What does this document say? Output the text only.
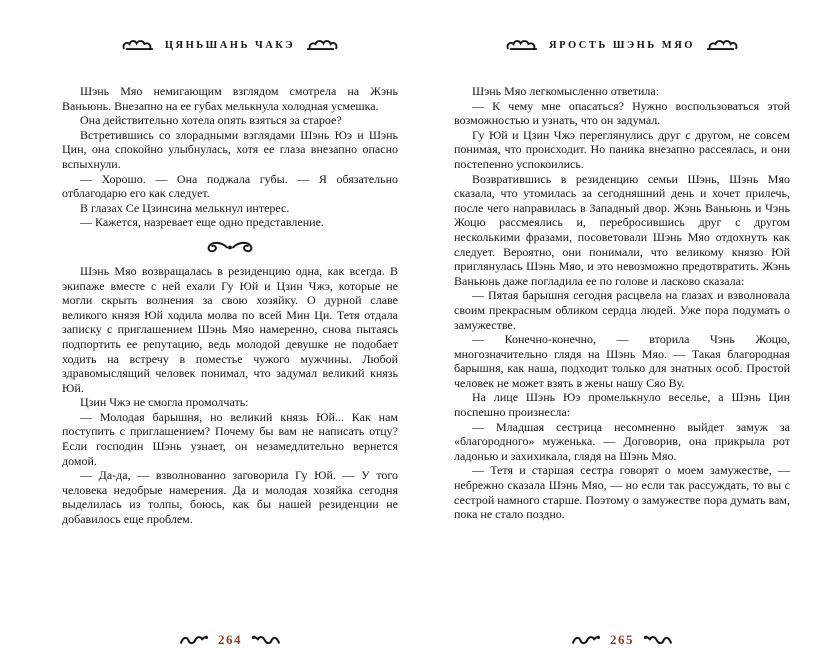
ЦЯНЬШАНЬ ЧАКЭ

Шэнь Мяо немигающим взглядом смотрела на Жэнь Ваньюнь. Внезапно на ее губах мелькнула холодная усмешка.

Она действительно хотела опять взяться за старое?

Встретившись со злорадными взглядами Шэнь Юэ и Шэнь Цин, она спокойно улыбнулась, хотя ее глаза внезапно опасно вспыхнули.

— Хорошо. — Она поджала губы. — Я обязательно отблагодарю его как следует.

В глазах Се Цзинсина мелькнул интерес.

— Кажется, назревает еще одно представление.

Шэнь Мяо возвращалась в резиденцию одна, как всегда. В экипаже вместе с ней ехали Гу Юй и Цзин Чжэ, которые не могли скрыть волнения за свою хозяйку. О дурной славе великого князя Юй ходила молва по всей Мин Ци. Тетя отдала записку с приглашением Шэнь Мяо намеренно, снова пытаясь подпортить ее репутацию, ведь молодой девушке не подобает ходить на встречу в поместье чужого мужчины. Любой здравомыслящий человек понимал, что задумал великий князь Юй.

Цзин Чжэ не смогла промолчать:

— Молодая барышня, но великий князь Юй... Как нам поступить с приглашением? Почему бы вам не написать отцу? Если господин Шэнь узнает, он незамедлительно вернется домой.

— Да-да, — взволнованно заговорила Гу Юй. — У того человека недобрые намерения. Да и молодая хозяйка сегодня выделилась из толпы, боюсь, как бы нашей резиденции не добавилось еще проблем.

264
ЯРОСТЬ ШЭНЬ МЯО

Шэнь Мяо легкомысленно ответила:

— К чему мне опасаться? Нужно воспользоваться этой возможностью и узнать, что он задумал.

Гу Юй и Цзин Чжэ переглянулись друг с другом, не совсем понимая, что происходит. Но паника внезапно рассеялась, и они постепенно успокоились.

Возвратившись в резиденцию семьи Шэнь, Шэнь Мяо сказала, что утомилась за сегодняшний день и хочет прилечь, после чего направилась в Западный двор. Жэнь Ваньюнь и Чэнь Жоцю рассмеялись и, перебросившись друг с другом несколькими фразами, посоветовали Шэнь Мяо отдохнуть как следует. Вероятно, они понимали, что великому князю Юй приглянулась Шэнь Мяо, и это невозможно предотвратить. Жэнь Ваньюнь даже погладила ее по голове и ласково сказала:

— Пятая барышня сегодня расцвела на глазах и взволновала своим прекрасным обликом сердца людей. Уже пора подумать о замужестве.

— Конечно-конечно, — вторила Чэнь Жоцю, многозначительно глядя на Шэнь Мяо. — Такая благородная барышня, как наша, подходит только для знатных особ. Простой человек не может взять в жены нашу Сяо Ву.

На лице Шэнь Юэ промелькнуло веселье, а Шэнь Цин поспешно произнесла:

— Младшая сестрица несомненно выйдет замуж за «благородного» муженька. — Договорив, она прикрыла рот ладонью и захихикала, глядя на Шэнь Мяо.

— Тетя и старшая сестра говорят о моем замужестве, — небрежно сказала Шэнь Мяо, — но если так рассуждать, то вы с сестрой намного старше. Поэтому о замужестве пора думать вам, пока не стало поздно.

265
